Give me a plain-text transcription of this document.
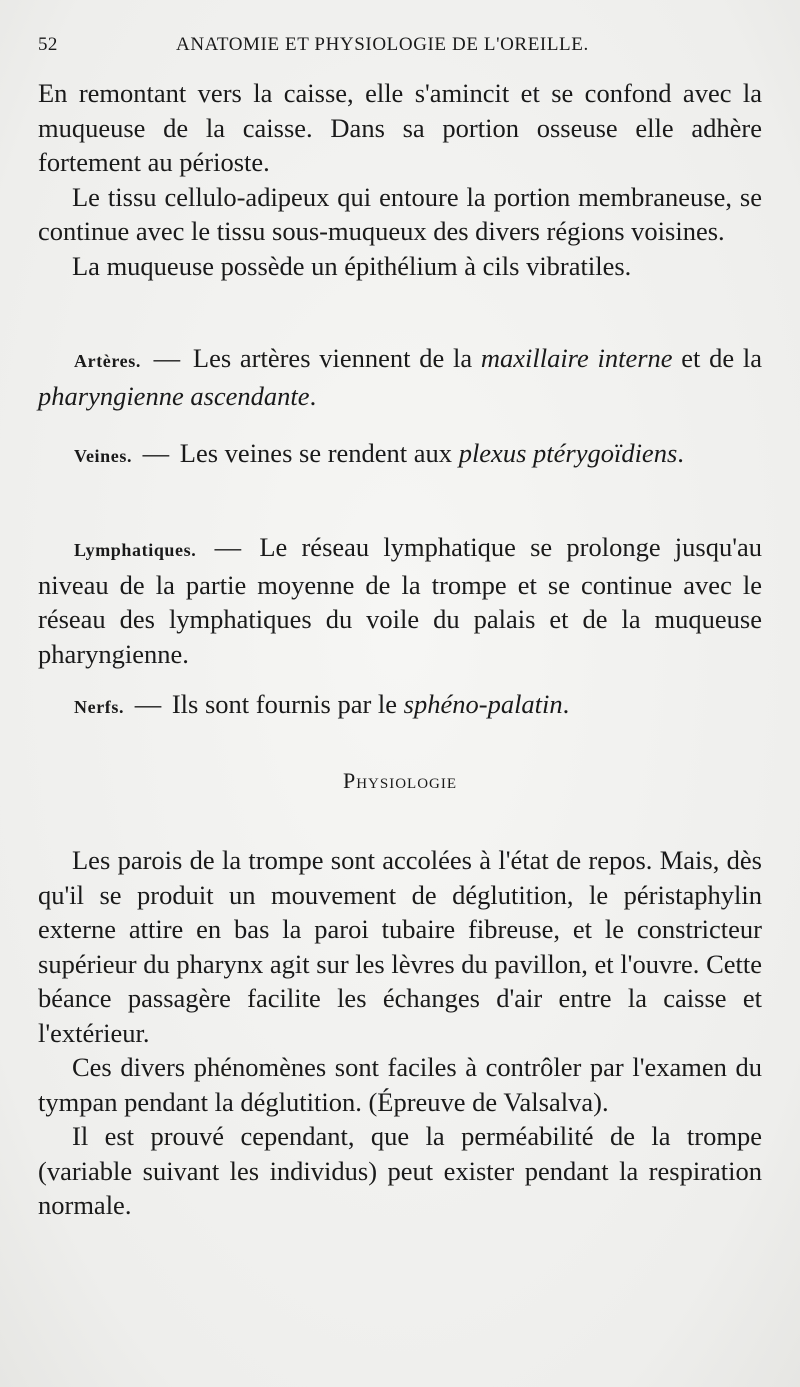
52	ANATOMIE ET PHYSIOLOGIE DE L'OREILLE.

En remontant vers la caisse, elle s'amincit et se confond avec la muqueuse de la caisse. Dans sa portion osseuse elle adhère fortement au périoste.

Le tissu cellulo-adipeux qui entoure la portion membraneuse, se continue avec le tissu sous-muqueux des divers régions voisines.

La muqueuse possède un épithélium à cils vibratiles.

Artères. — Les artères viennent de la maxillaire interne et de la pharyngienne ascendante.

Veines. — Les veines se rendent aux plexus ptérygoïdiens.

Lymphatiques. — Le réseau lymphatique se prolonge jusqu'au niveau de la partie moyenne de la trompe et se continue avec le réseau des lymphatiques du voile du palais et de la muqueuse pharyngienne.

Nerfs. — Ils sont fournis par le sphéno-palatin.

Physiologie

Les parois de la trompe sont accolées à l'état de repos. Mais, dès qu'il se produit un mouvement de déglutition, le péristaphylin externe attire en bas la paroi tubaire fibreuse, et le constricteur supérieur du pharynx agit sur les lèvres du pavillon, et l'ouvre. Cette béance passagère facilite les échanges d'air entre la caisse et l'extérieur.

Ces divers phénomènes sont faciles à contrôler par l'examen du tympan pendant la déglutition. (Épreuve de Valsalva).

Il est prouvé cependant, que la perméabilité de la trompe (variable suivant les individus) peut exister pendant la respiration normale.
